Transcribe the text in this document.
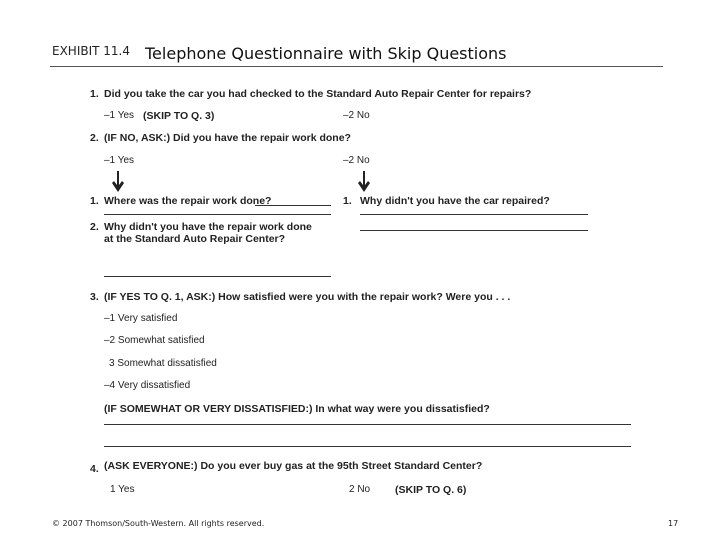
EXHIBIT 11.4 Telephone Questionnaire with Skip Questions
1. Did you take the car you had checked to the Standard Auto Repair Center for repairs?
–1 Yes (SKIP TO Q. 3)	–2 No
2. (IF NO, ASK:) Did you have the repair work done?
–1 Yes	–2 No
1. Where was the repair work done?
2. Why didn't you have the repair work done
at the Standard Auto Repair Center?
1. Why didn't you have the car repaired?
3. (IF YES TO Q. 1, ASK:) How satisfied were you with the repair work? Were you . . .
–1 Very satisfied
–2 Somewhat satisfied
3 Somewhat dissatisfied
–4 Very dissatisfied
(IF SOMEWHAT OR VERY DISSATISFIED:) In what way were you dissatisfied?
4. (ASK EVERYONE:) Do you ever buy gas at the 95th Street Standard Center?
1 Yes	2 No (SKIP TO Q. 6)
© 2007 Thomson/South-Western. All rights reserved.	17
